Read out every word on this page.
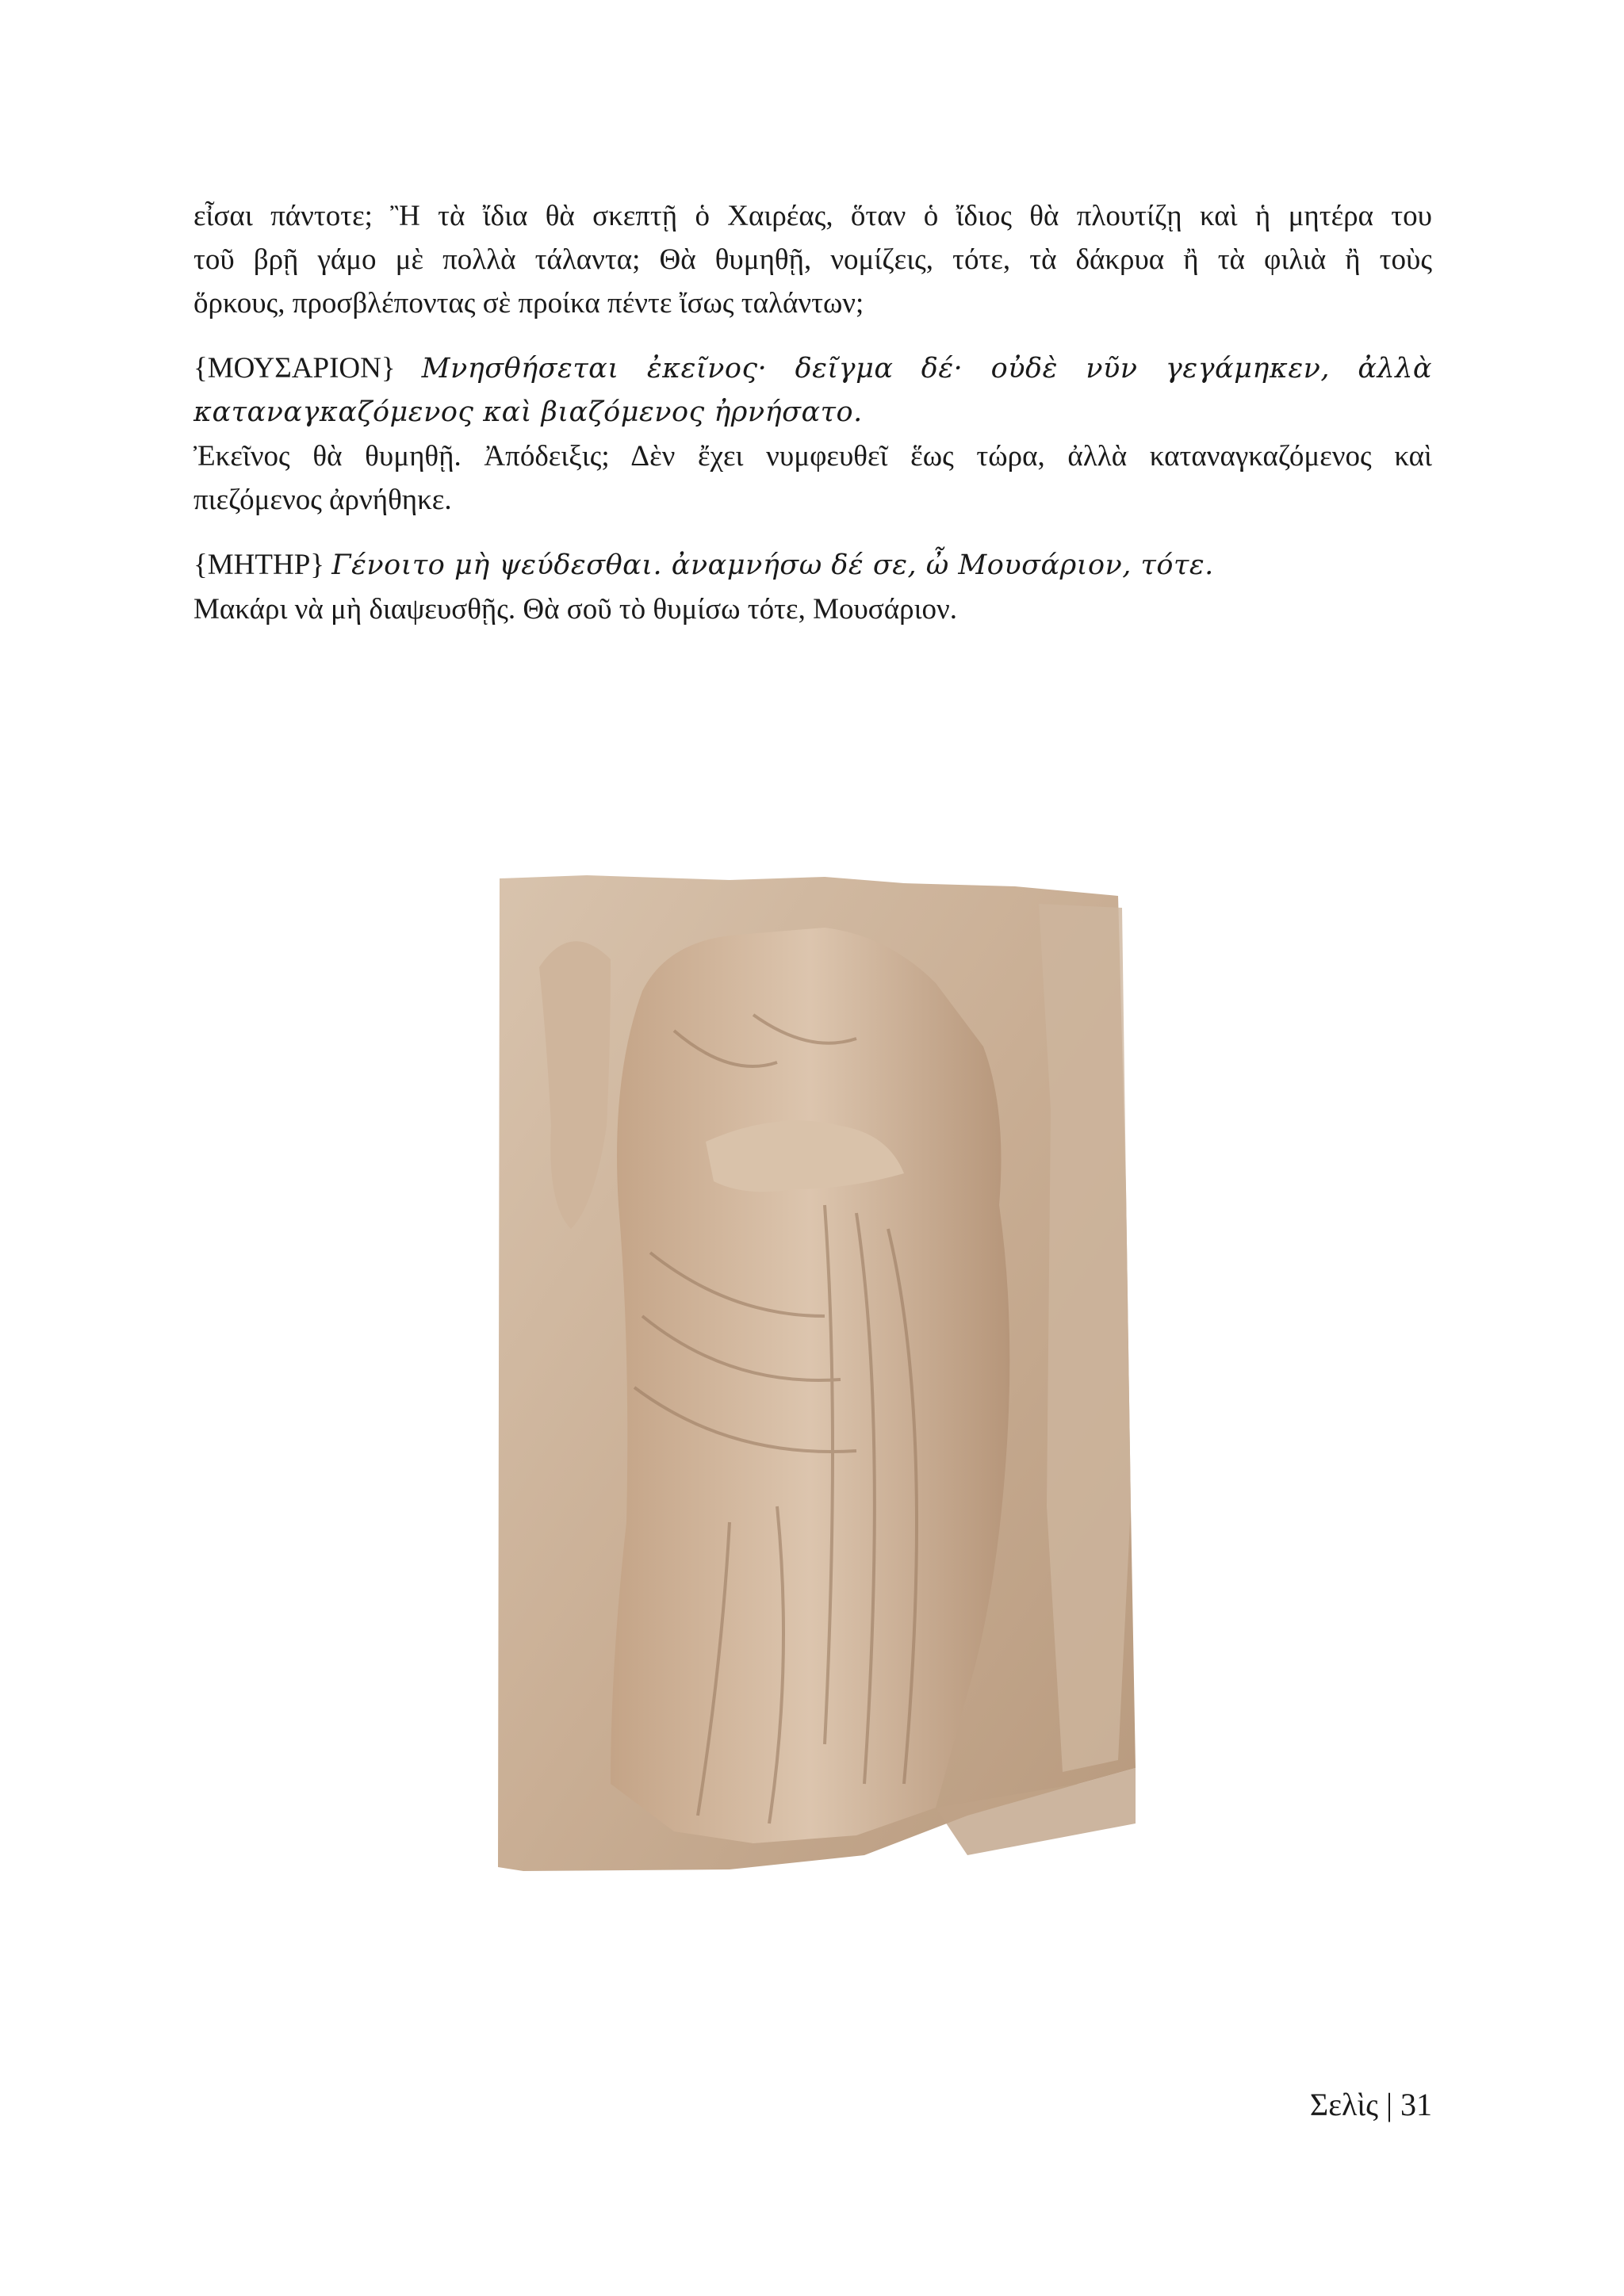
εἶσαι πάντοτε; Ἢ τὰ ἴδια θὰ σκεπτῇ ὁ Χαιρέας, ὅταν ὁ ἴδιος θὰ πλουτίζῃ καὶ ἡ μητέρα του
τοῦ βρῇ γάμο μὲ πολλὰ τάλαντα; Θὰ θυμηθῇ, νομίζεις, τότε, τὰ δάκρυα ἢ τὰ φιλιὰ ἢ τοὺς
ὅρκους, προσβλέποντας σὲ προίκα πέντε ἴσως ταλάντων;
{ΜΟΥΣΑΡΙΟΝ} Μνησθήσεται ἐκεῖνος· δεῖγμα δέ· οὐδὲ νῦν γεγάμηκεν, ἀλλὰ
καταναγκαζόμενος καὶ βιαζόμενος ἠρνήσατο.
Ἐκεῖνος θὰ θυμηθῇ. Ἀπόδειξις; Δὲν ἔχει νυμφευθεῖ ἕως τώρα, ἀλλὰ καταναγκαζόμενος καὶ
πιεζόμενος ἀρνήθηκε.
{ΜΗΤΗΡ} Γένοιτο μὴ ψεύδεσθαι. ἀναμνήσω δέ σε, ὦ Μουσάριον, τότε.
Μακάρι νὰ μὴ διαψευσθῇς. Θὰ σοῦ τὸ θυμίσω τότε, Μουσάριον.
Σελὶς | 31
